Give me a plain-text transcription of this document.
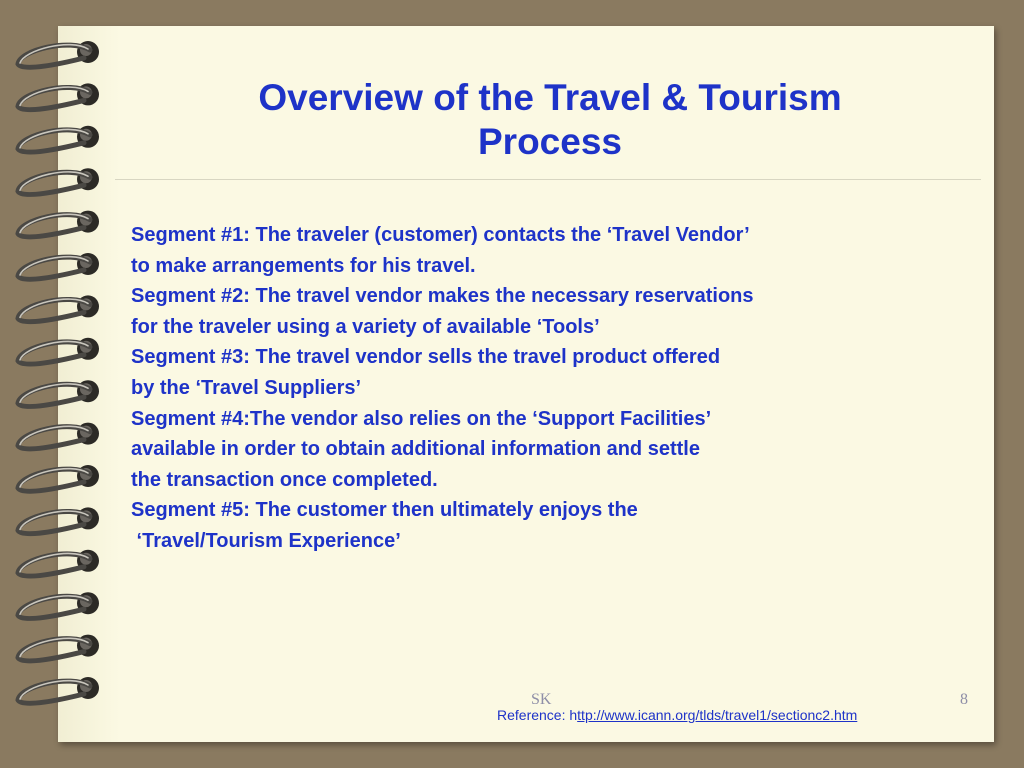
Overview of the Travel & Tourism
Process
Segment #1: The traveler (customer) contacts the ‘Travel Vendor’
to make arrangements for his travel.
Segment #2: The travel vendor makes the necessary reservations
for the traveler using a variety of available ‘Tools’
Segment #3: The travel vendor sells the travel product offered
by the ‘Travel Suppliers’
Segment #4:The vendor also relies on the ‘Support Facilities’
available in order to obtain additional information and settle
the transaction once completed.
Segment #5: The customer then ultimately enjoys the
‘Travel/Tourism Experience’
SK	8
Reference: http://www.icann.org/tlds/travel1/sectionc2.htm
